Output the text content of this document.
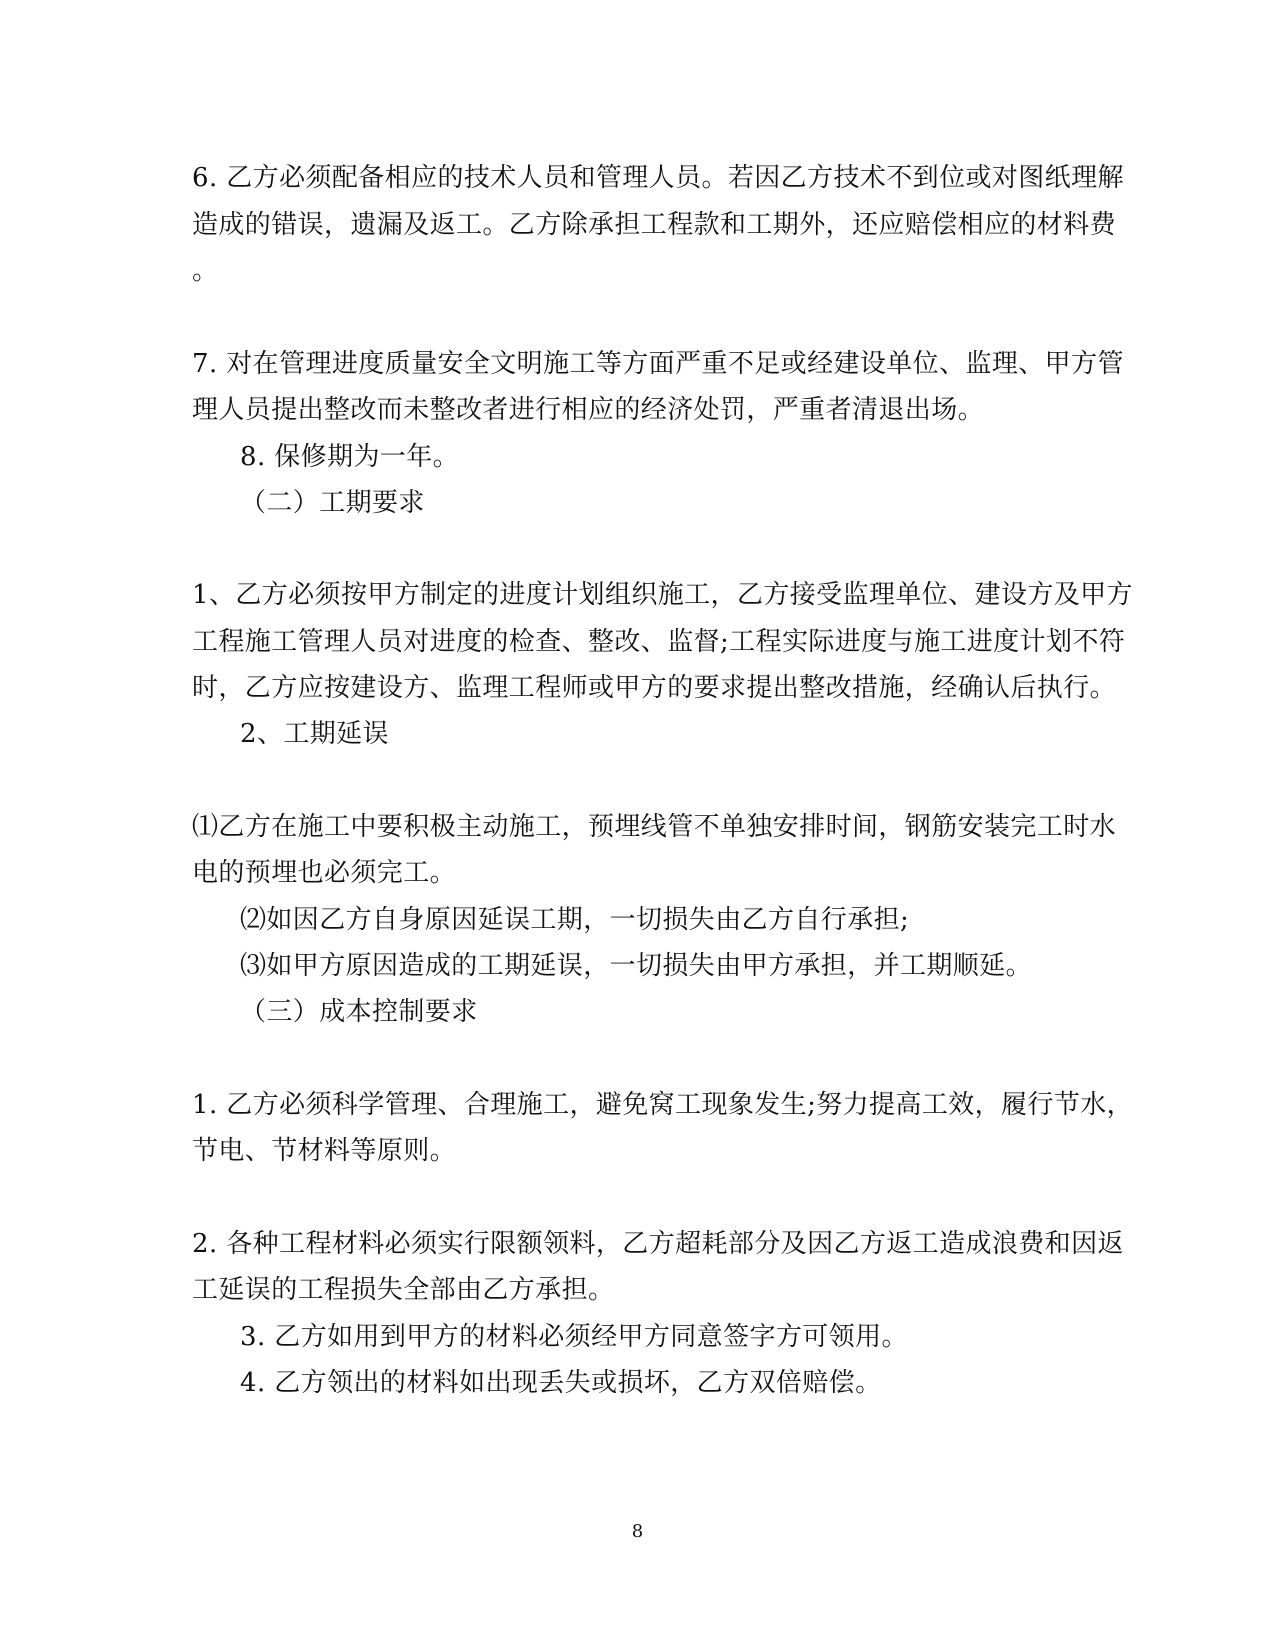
6. 乙方必须配备相应的技术人员和管理人员。若因乙方技术不到位或对图纸理解
造成的错误，遗漏及返工。乙方除承担工程款和工期外，还应赔偿相应的材料费
。
7. 对在管理进度质量安全文明施工等方面严重不足或经建设单位、监理、甲方管
理人员提出整改而未整改者进行相应的经济处罚，严重者清退出场。
8. 保修期为一年。
（二）工期要求
1、乙方必须按甲方制定的进度计划组织施工，乙方接受监理单位、建设方及甲方
工程施工管理人员对进度的检查、整改、监督;工程实际进度与施工进度计划不符
时，乙方应按建设方、监理工程师或甲方的要求提出整改措施，经确认后执行。
2、工期延误
⑴乙方在施工中要积极主动施工，预埋线管不单独安排时间，钢筋安装完工时水
电的预埋也必须完工。
⑵如因乙方自身原因延误工期，一切损失由乙方自行承担;
⑶如甲方原因造成的工期延误，一切损失由甲方承担，并工期顺延。
（三）成本控制要求
1. 乙方必须科学管理、合理施工，避免窝工现象发生;努力提高工效，履行节水，
节电、节材料等原则。
2. 各种工程材料必须实行限额领料，乙方超耗部分及因乙方返工造成浪费和因返
工延误的工程损失全部由乙方承担。
3. 乙方如用到甲方的材料必须经甲方同意签字方可领用。
4. 乙方领出的材料如出现丢失或损坏，乙方双倍赔偿。
8
